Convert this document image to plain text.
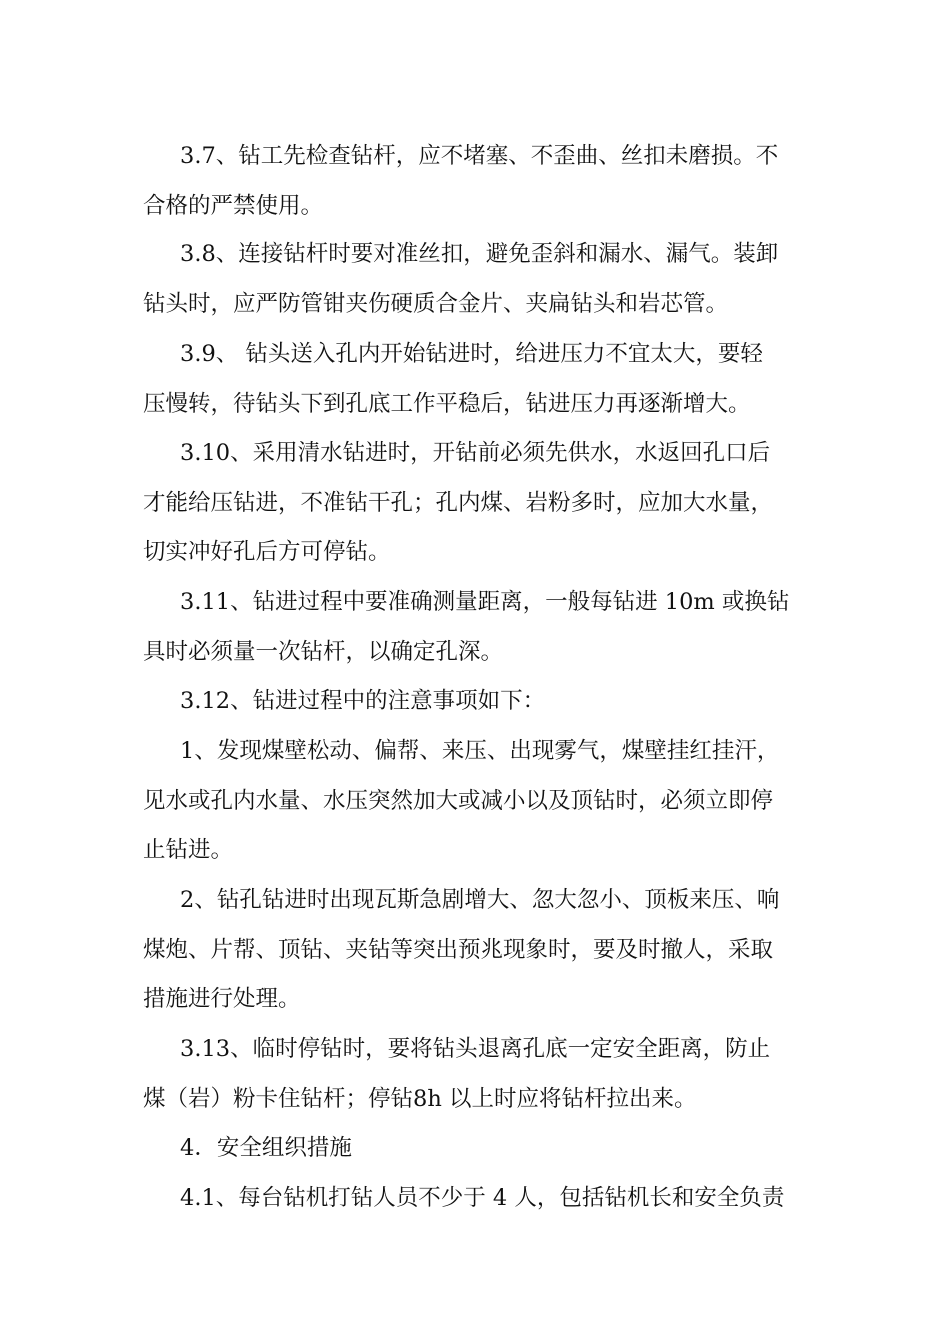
3.7、钻工先检查钻杆，应不堵塞、不歪曲、丝扣未磨损。不
合格的严禁使用。
3.8、连接钻杆时要对准丝扣，避免歪斜和漏水、漏气。装卸
钻头时，应严防管钳夹伤硬质合金片、夹扁钻头和岩芯管。
3.9、 钻头送入孔内开始钻进时，给进压力不宜太大，要轻
压慢转，待钻头下到孔底工作平稳后，钻进压力再逐渐增大。
3.10、采用清水钻进时，开钻前必须先供水，水返回孔口后
才能给压钻进，不准钻干孔；孔内煤、岩粉多时，应加大水量，
切实冲好孔后方可停钻。
3.11、钻进过程中要准确测量距离，一般每钻进 10m 或换钻
具时必须量一次钻杆，以确定孔深。
3.12、钻进过程中的注意事项如下：
1、发现煤壁松动、偏帮、来压、出现雾气，煤壁挂红挂汗，
见水或孔内水量、水压突然加大或减小以及顶钻时，必须立即停
止钻进。
2、钻孔钻进时出现瓦斯急剧增大、忽大忽小、顶板来压、响
煤炮、片帮、顶钻、夹钻等突出预兆现象时，要及时撤人，采取
措施进行处理。
3.13、临时停钻时，要将钻头退离孔底一定安全距离，防止
煤（岩）粉卡住钻杆；停钻8h 以上时应将钻杆拉出来。
4．安全组织措施
4.1、每台钻机打钻人员不少于 4 人，包括钻机长和安全负责
